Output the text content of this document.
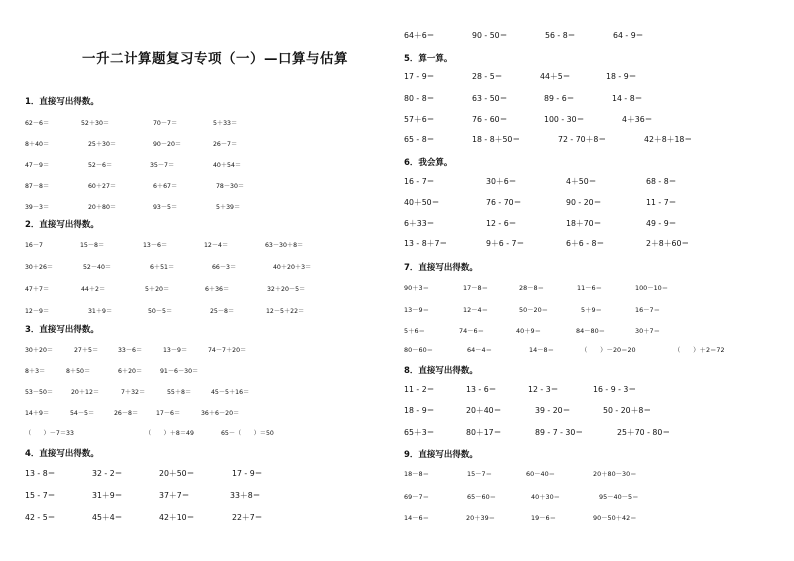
一升二计算题复习专项（一）—口算与估算
1．直接写出得数。
62－6＝	52＋30＝	70－7＝	5＋33＝
8＋40＝	25＋30＝	90－20＝	26－7＝
47－9＝	52－6＝	35－7＝	40＋54＝
87－8＝	60＋27＝	6＋67＝	78－30＝
39－3＝	20＋80＝	93－5＝	5＋39＝
2．直接写出得数。
16－7	15－8＝	13－6＝	12－4＝	63－30＋8＝
30＋26＝	52－40＝	6＋51＝	66－3＝	40＋20＋3＝
47＋7＝	44＋2＝	5＋20＝	6＋36＝	32＋20－5＝
12－9＝	31＋9＝	50－5＝	25－8＝	12－5＋22＝
3．直接写出得数。
30＋20＝	27＋5＝	33－6＝	13－9＝	74－7＋20＝
8＋3＝	8＋50＝	6＋20＝	91－6－30＝
53－50＝	20＋12＝	7＋32＝	55＋8＝	45－5＋16＝
14＋9＝	54－5＝	26－8＝	17－6＝	36＋6－20＝
（　　）－7＝33	（　　）＋8＝49	65－（　　）＝50
4．直接写出得数。
13 - 8＝	32 - 2＝	20＋50＝	17 - 9＝
15 - 7＝	31＋9＝	37＋7＝	33＋8＝
42 - 5＝	45＋4＝	42＋10＝	22＋7＝
64＋6＝	90 - 50＝	56 - 8＝	64 - 9＝
5．算一算。
17 - 9＝	28 - 5＝	44＋5＝	18 - 9＝
80 - 8＝	63 - 50＝	89 - 6＝	14 - 8＝
57＋6＝	76 - 60＝	100 - 30＝	4＋36＝
65 - 8＝	18 - 8＋50＝	72 - 70＋8＝	42＋8＋18＝
6．我会算。
16 - 7＝	30＋6＝	4＋50＝	68 - 8＝
40＋50＝	76 - 70＝	90 - 20＝	11 - 7＝
6＋33＝	12 - 6＝	18＋70＝	49 - 9＝
13 - 8＋7＝	9＋6 - 7＝	6＋6 - 8＝	2＋8＋60＝
7．直接写出得数。
90＋3＝	17－8＝	28－8＝	11－6＝	100－10＝
13－9＝	12－4＝	50－20＝	5＋9＝	16－7＝
5＋6＝	74－6＝	40＋9＝	84－80＝	30＋7＝
80－60＝	64－4＝	14－8＝	（　　）－20＝20	（　　）＋2＝72
8．直接写出得数。
11 - 2＝	13 - 6＝	12 - 3＝	16 - 9 - 3＝
18 - 9＝	20＋40＝	39 - 20＝	50 - 20＋8＝
65＋3＝	80＋17＝	89 - 7 - 30＝	25＋70 - 80＝
9．直接写出得数。
18－8＝	15－7＝	60－40＝	20＋80－30＝
69－7＝	65－60＝	40＋30＝	95－40－5＝
14－6＝	20＋39＝	19－6＝	90－50＋42＝
